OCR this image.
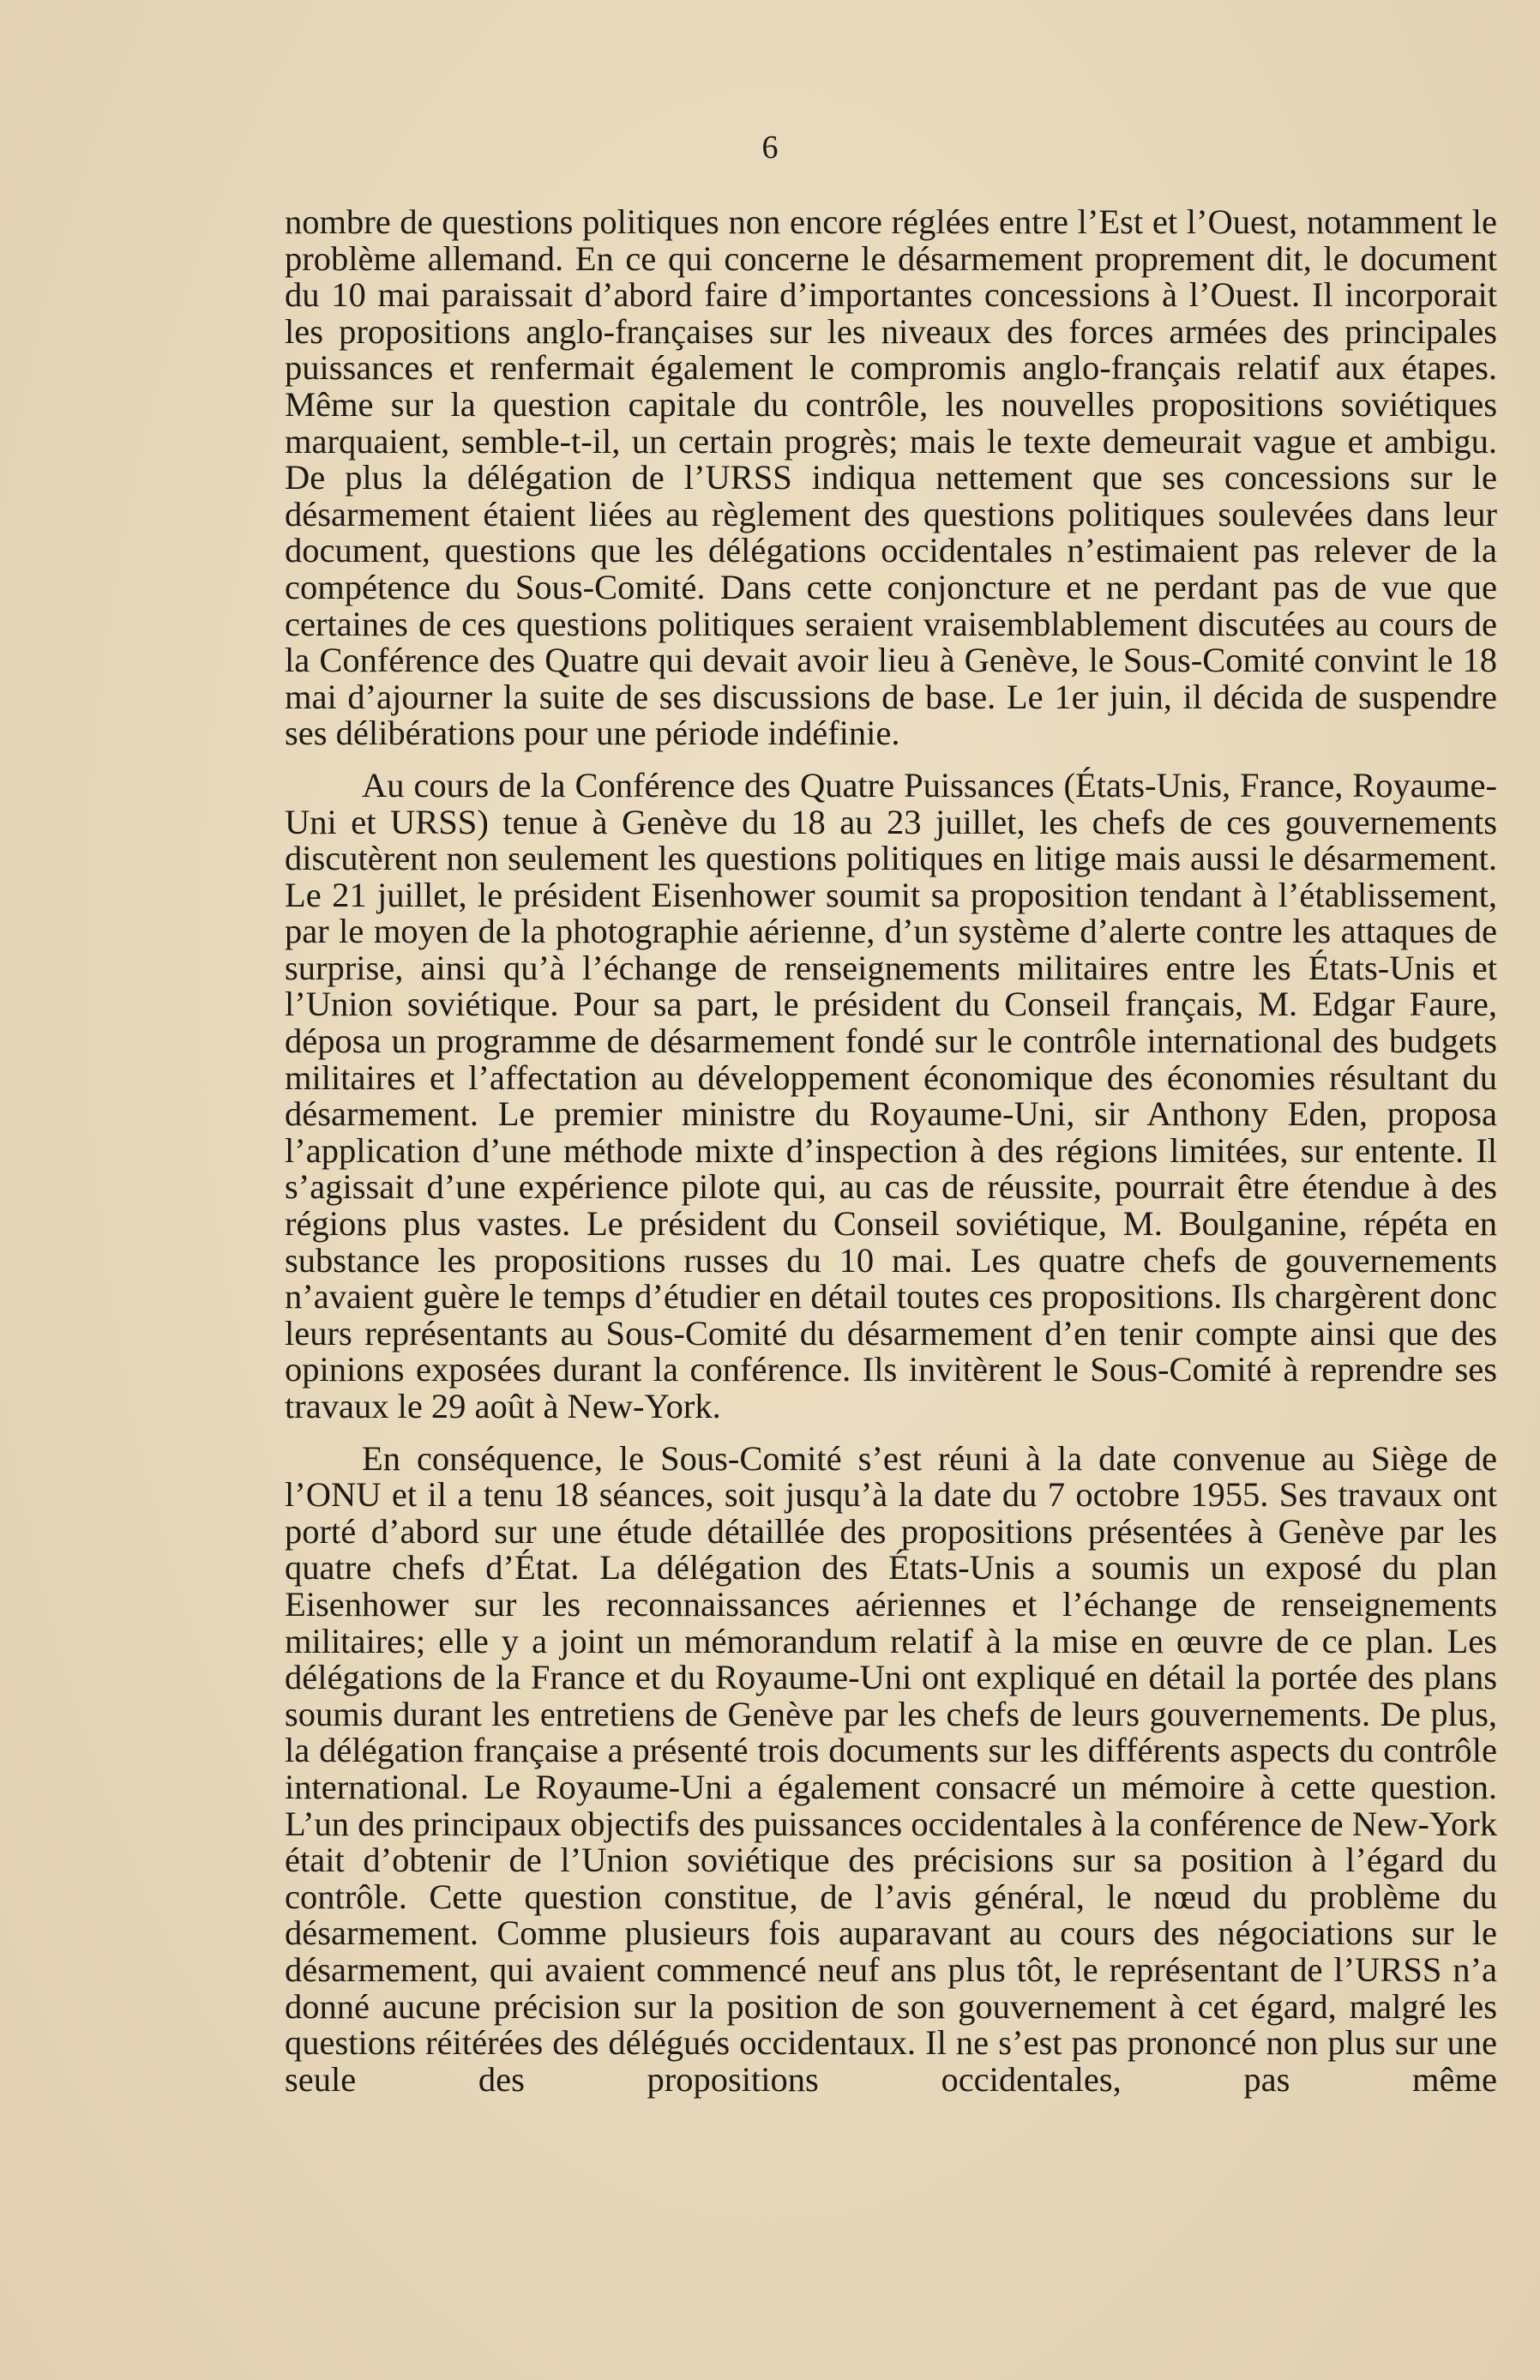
6

nombre de questions politiques non encore réglées entre l’Est et l’Ouest, notamment le problème allemand. En ce qui concerne le désarmement proprement dit, le document du 10 mai paraissait d’abord faire d’importantes concessions à l’Ouest. Il incorporait les propositions anglo-françaises sur les niveaux des forces armées des principales puissances et renfermait également le compromis anglo-français relatif aux étapes. Même sur la question capitale du contrôle, les nouvelles propositions soviétiques marquaient, semble-t-il, un certain progrès; mais le texte demeurait vague et ambigu. De plus la délégation de l’URSS indiqua nettement que ses concessions sur le désarmement étaient liées au règlement des questions politiques soulevées dans leur document, questions que les délégations occidentales n’estimaient pas relever de la compétence du Sous-Comité. Dans cette conjoncture et ne perdant pas de vue que certaines de ces questions politiques seraient vraisemblablement discutées au cours de la Conférence des Quatre qui devait avoir lieu à Genève, le Sous-Comité convint le 18 mai d’ajourner la suite de ses discussions de base. Le 1er juin, il décida de suspendre ses délibérations pour une période indéfinie.

Au cours de la Conférence des Quatre Puissances (États-Unis, France, Royaume-Uni et URSS) tenue à Genève du 18 au 23 juillet, les chefs de ces gouvernements discutèrent non seulement les questions politiques en litige mais aussi le désarmement. Le 21 juillet, le président Eisenhower soumit sa proposition tendant à l’établissement, par le moyen de la photographie aérienne, d’un système d’alerte contre les attaques de surprise, ainsi qu’à l’échange de renseignements militaires entre les États-Unis et l’Union soviétique. Pour sa part, le président du Conseil français, M. Edgar Faure, déposa un programme de désarmement fondé sur le contrôle international des budgets militaires et l’affectation au développement économique des économies résultant du désarmement. Le premier ministre du Royaume-Uni, sir Anthony Eden, proposa l’application d’une méthode mixte d’inspection à des régions limitées, sur entente. Il s’agissait d’une expérience pilote qui, au cas de réussite, pourrait être étendue à des régions plus vastes. Le président du Conseil soviétique, M. Boulganine, répéta en substance les propositions russes du 10 mai. Les quatre chefs de gouvernements n’avaient guère le temps d’étudier en détail toutes ces propositions. Ils chargèrent donc leurs représentants au Sous-Comité du désarmement d’en tenir compte ainsi que des opinions exposées durant la conférence. Ils invitèrent le Sous-Comité à reprendre ses travaux le 29 août à New-York.

En conséquence, le Sous-Comité s’est réuni à la date convenue au Siège de l’ONU et il a tenu 18 séances, soit jusqu’à la date du 7 octobre 1955. Ses travaux ont porté d’abord sur une étude détaillée des propositions présentées à Genève par les quatre chefs d’État. La délégation des États-Unis a soumis un exposé du plan Eisenhower sur les reconnaissances aériennes et l’échange de renseignements militaires; elle y a joint un mémorandum relatif à la mise en œuvre de ce plan. Les délégations de la France et du Royaume-Uni ont expliqué en détail la portée des plans soumis durant les entretiens de Genève par les chefs de leurs gouvernements. De plus, la délégation française a présenté trois documents sur les différents aspects du contrôle international. Le Royaume-Uni a également consacré un mémoire à cette question. L’un des principaux objectifs des puissances occidentales à la conférence de New-York était d’obtenir de l’Union soviétique des précisions sur sa position à l’égard du contrôle. Cette question constitue, de l’avis général, le nœud du problème du désarmement. Comme plusieurs fois auparavant au cours des négociations sur le désarmement, qui avaient commencé neuf ans plus tôt, le représentant de l’URSS n’a donné aucune précision sur la position de son gouvernement à cet égard, malgré les questions réitérées des délégués occidentaux. Il ne s’est pas prononcé non plus sur une seule des propositions occidentales, pas même
